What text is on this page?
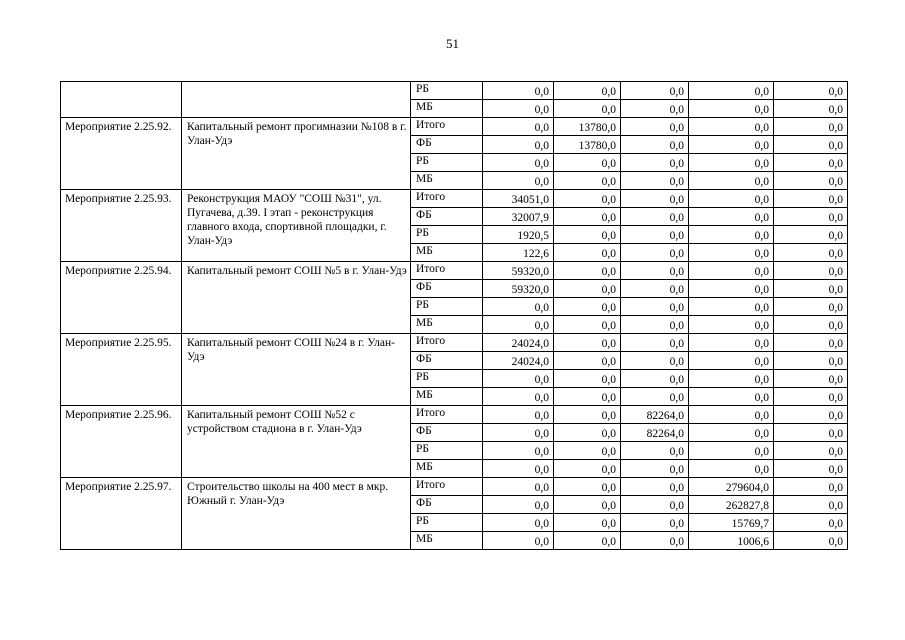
51
		РБ	0,0	0,0	0,0	0,0	0,0
		МБ	0,0	0,0	0,0	0,0	0,0
Мероприятие 2.25.92.	Капитальный ремонт прогимназии №108 в г. Улан-Удэ	Итого	0,0	13780,0	0,0	0,0	0,0
		ФБ	0,0	13780,0	0,0	0,0	0,0
		РБ	0,0	0,0	0,0	0,0	0,0
		МБ	0,0	0,0	0,0	0,0	0,0
Мероприятие 2.25.93.	Реконструкция МАОУ "СОШ №31", ул. Пугачева, д.39. I этап - реконструкция главного входа, спортивной площадки, г. Улан-Удэ	Итого	34051,0	0,0	0,0	0,0	0,0
		ФБ	32007,9	0,0	0,0	0,0	0,0
		РБ	1920,5	0,0	0,0	0,0	0,0
		МБ	122,6	0,0	0,0	0,0	0,0
Мероприятие 2.25.94.	Капитальный ремонт СОШ №5 в г. Улан-Удэ	Итого	59320,0	0,0	0,0	0,0	0,0
		ФБ	59320,0	0,0	0,0	0,0	0,0
		РБ	0,0	0,0	0,0	0,0	0,0
		МБ	0,0	0,0	0,0	0,0	0,0
Мероприятие 2.25.95.	Капитальный ремонт СОШ №24 в г. Улан-Удэ	Итого	24024,0	0,0	0,0	0,0	0,0
		ФБ	24024,0	0,0	0,0	0,0	0,0
		РБ	0,0	0,0	0,0	0,0	0,0
		МБ	0,0	0,0	0,0	0,0	0,0
Мероприятие 2.25.96.	Капитальный ремонт СОШ №52 с устройством стадиона в г. Улан-Удэ	Итого	0,0	0,0	82264,0	0,0	0,0
		ФБ	0,0	0,0	82264,0	0,0	0,0
		РБ	0,0	0,0	0,0	0,0	0,0
		МБ	0,0	0,0	0,0	0,0	0,0
Мероприятие 2.25.97.	Строительство школы на 400 мест в мкр. Южный г. Улан-Удэ	Итого	0,0	0,0	0,0	279604,0	0,0
		ФБ	0,0	0,0	0,0	262827,8	0,0
		РБ	0,0	0,0	0,0	15769,7	0,0
		МБ	0,0	0,0	0,0	1006,6	0,0
